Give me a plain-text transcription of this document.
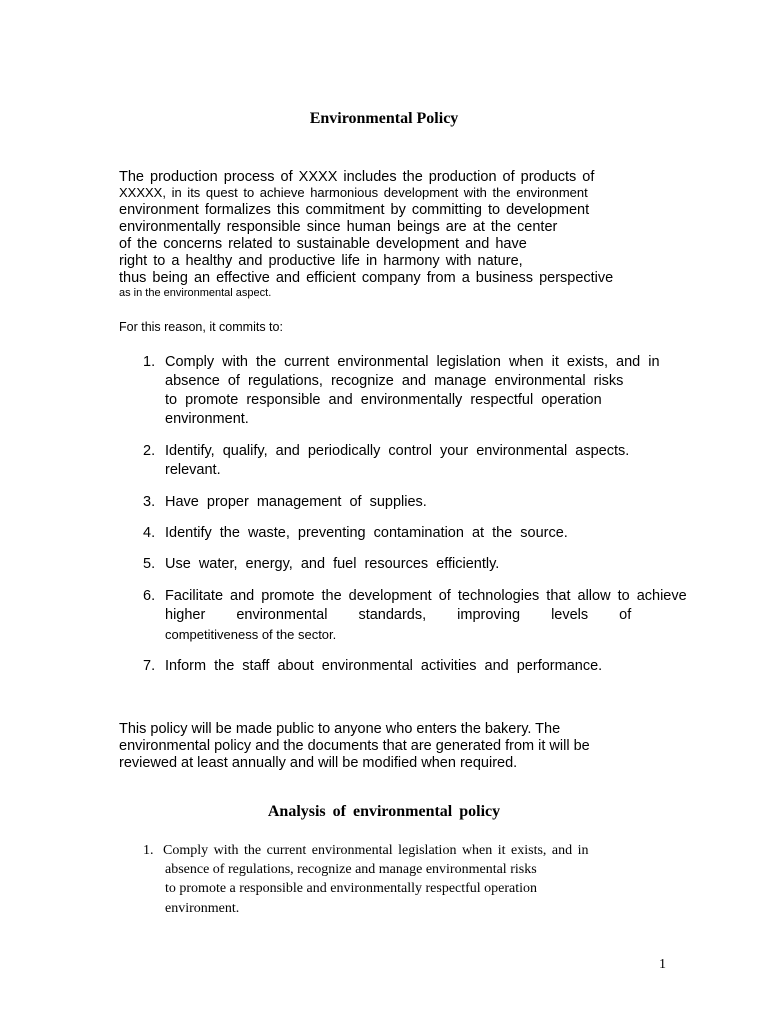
Environmental Policy
The production process of XXXX includes the production of products of
XXXXX, in its quest to achieve harmonious development with the environment
environment formalizes this commitment by committing to development
environmentally responsible since human beings are at the center
of the concerns related to sustainable development and have
right to a healthy and productive life in harmony with nature,
thus being an effective and efficient company from a business perspective
as in the environmental aspect.
For this reason, it commits to:
1. Comply with the current environmental legislation when it exists, and in
absence of regulations, recognize and manage environmental risks
to promote responsible and environmentally respectful operation
environment.
2. Identify, qualify, and periodically control your environmental aspects.
relevant.
3. Have proper management of supplies.
4. Identify the waste, preventing contamination at the source.
5. Use water, energy, and fuel resources efficiently.
6. Facilitate and promote the development of technologies that allow to achieve
higher environmental standards, improving levels of
competitiveness of the sector.
7. Inform the staff about environmental activities and performance.
This policy will be made public to anyone who enters the bakery. The
environmental policy and the documents that are generated from it will be
reviewed at least annually and will be modified when required.
Analysis of environmental policy
1. Comply with the current environmental legislation when it exists, and in
absence of regulations, recognize and manage environmental risks
to promote a responsible and environmentally respectful operation
environment.
1
